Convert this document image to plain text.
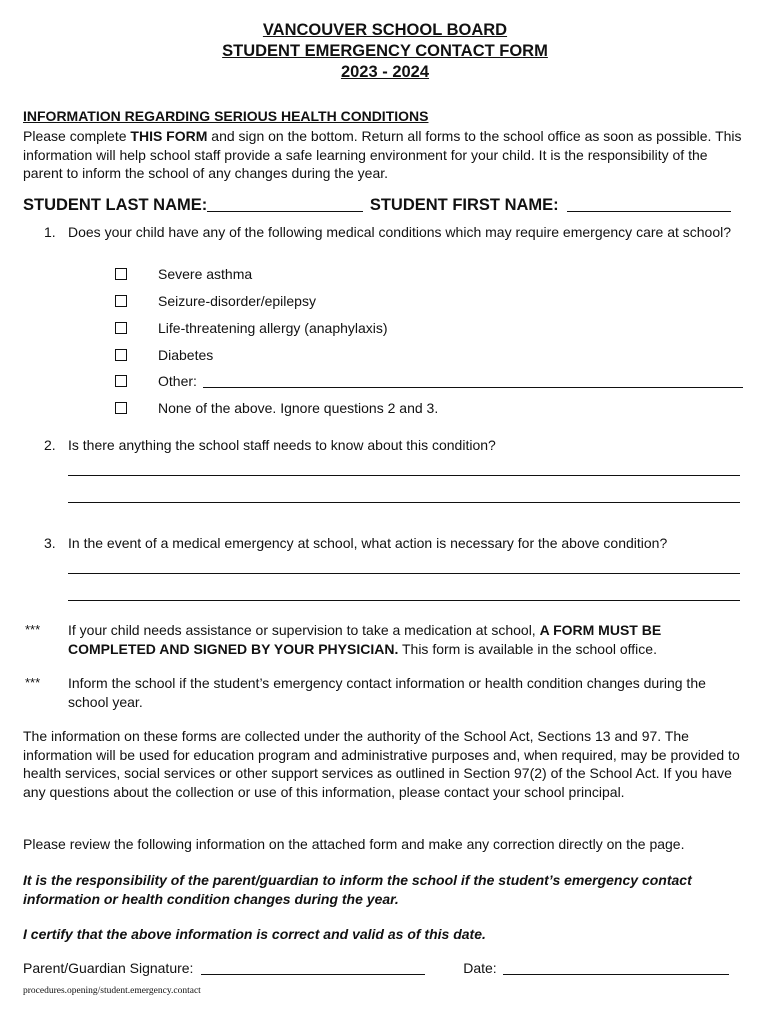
VANCOUVER SCHOOL BOARD
STUDENT EMERGENCY CONTACT FORM
2023 - 2024
INFORMATION REGARDING SERIOUS HEALTH CONDITIONS
Please complete THIS FORM and sign on the bottom. Return all forms to the school office as soon as possible. This information will help school staff provide a safe learning environment for your child. It is the responsibility of the parent to inform the school of any changes during the year.
STUDENT LAST NAME:	STUDENT FIRST NAME:
1. Does your child have any of the following medical conditions which may require emergency care at school?
Severe asthma
Seizure-disorder/epilepsy
Life-threatening allergy (anaphylaxis)
Diabetes
Other:
None of the above. Ignore questions 2 and 3.
2. Is there anything the school staff needs to know about this condition?
3. In the event of a medical emergency at school, what action is necessary for the above condition?
*** If your child needs assistance or supervision to take a medication at school, A FORM MUST BE COMPLETED AND SIGNED BY YOUR PHYSICIAN. This form is available in the school office.
*** Inform the school if the student’s emergency contact information or health condition changes during the school year.
The information on these forms are collected under the authority of the School Act, Sections 13 and 97. The information will be used for education program and administrative purposes and, when required, may be provided to health services, social services or other support services as outlined in Section 97(2) of the School Act. If you have any questions about the collection or use of this information, please contact your school principal.
Please review the following information on the attached form and make any correction directly on the page.
It is the responsibility of the parent/guardian to inform the school if the student’s emergency contact information or health condition changes during the year.
I certify that the above information is correct and valid as of this date.
Parent/Guardian Signature:	Date:
procedures.opening/student.emergency.contact
